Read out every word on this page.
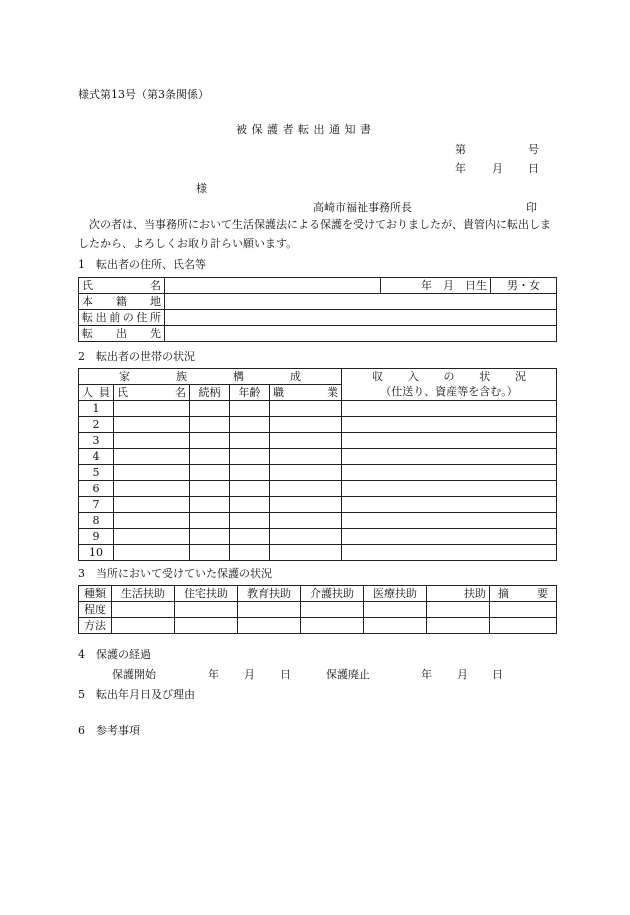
様式第13号（第3条関係）
被保護者転出通知書
第	号
年 月 日
様
高崎市福祉事務所長	印
次の者は、当事務所において生活保護法による保護を受けておりましたが、貴管内に転出しましたから、よろしくお取り計らい願います。
1　転出者の住所、氏名等
氏名		年　月　日生	男・女
本籍地			
転出前の住所			
転出先			
2　転出者の世帯の状況
家族構成					収入の状況

人員	氏名	続柄	年齢	職業	（仕送り、資産等を含む。）
1					
2					
3					
4					
5					
6					
7					
8					
9					
10					
3　当所において受けていた保護の状況
種類	生活扶助	住宅扶助	教育扶助	介護扶助	医療扶助	扶助	摘要

程度							
方法							
4　保護の経過
保護開始	年 月 日	保護廃止	年 月 日
5　転出年月日及び理由
6　参考事項
